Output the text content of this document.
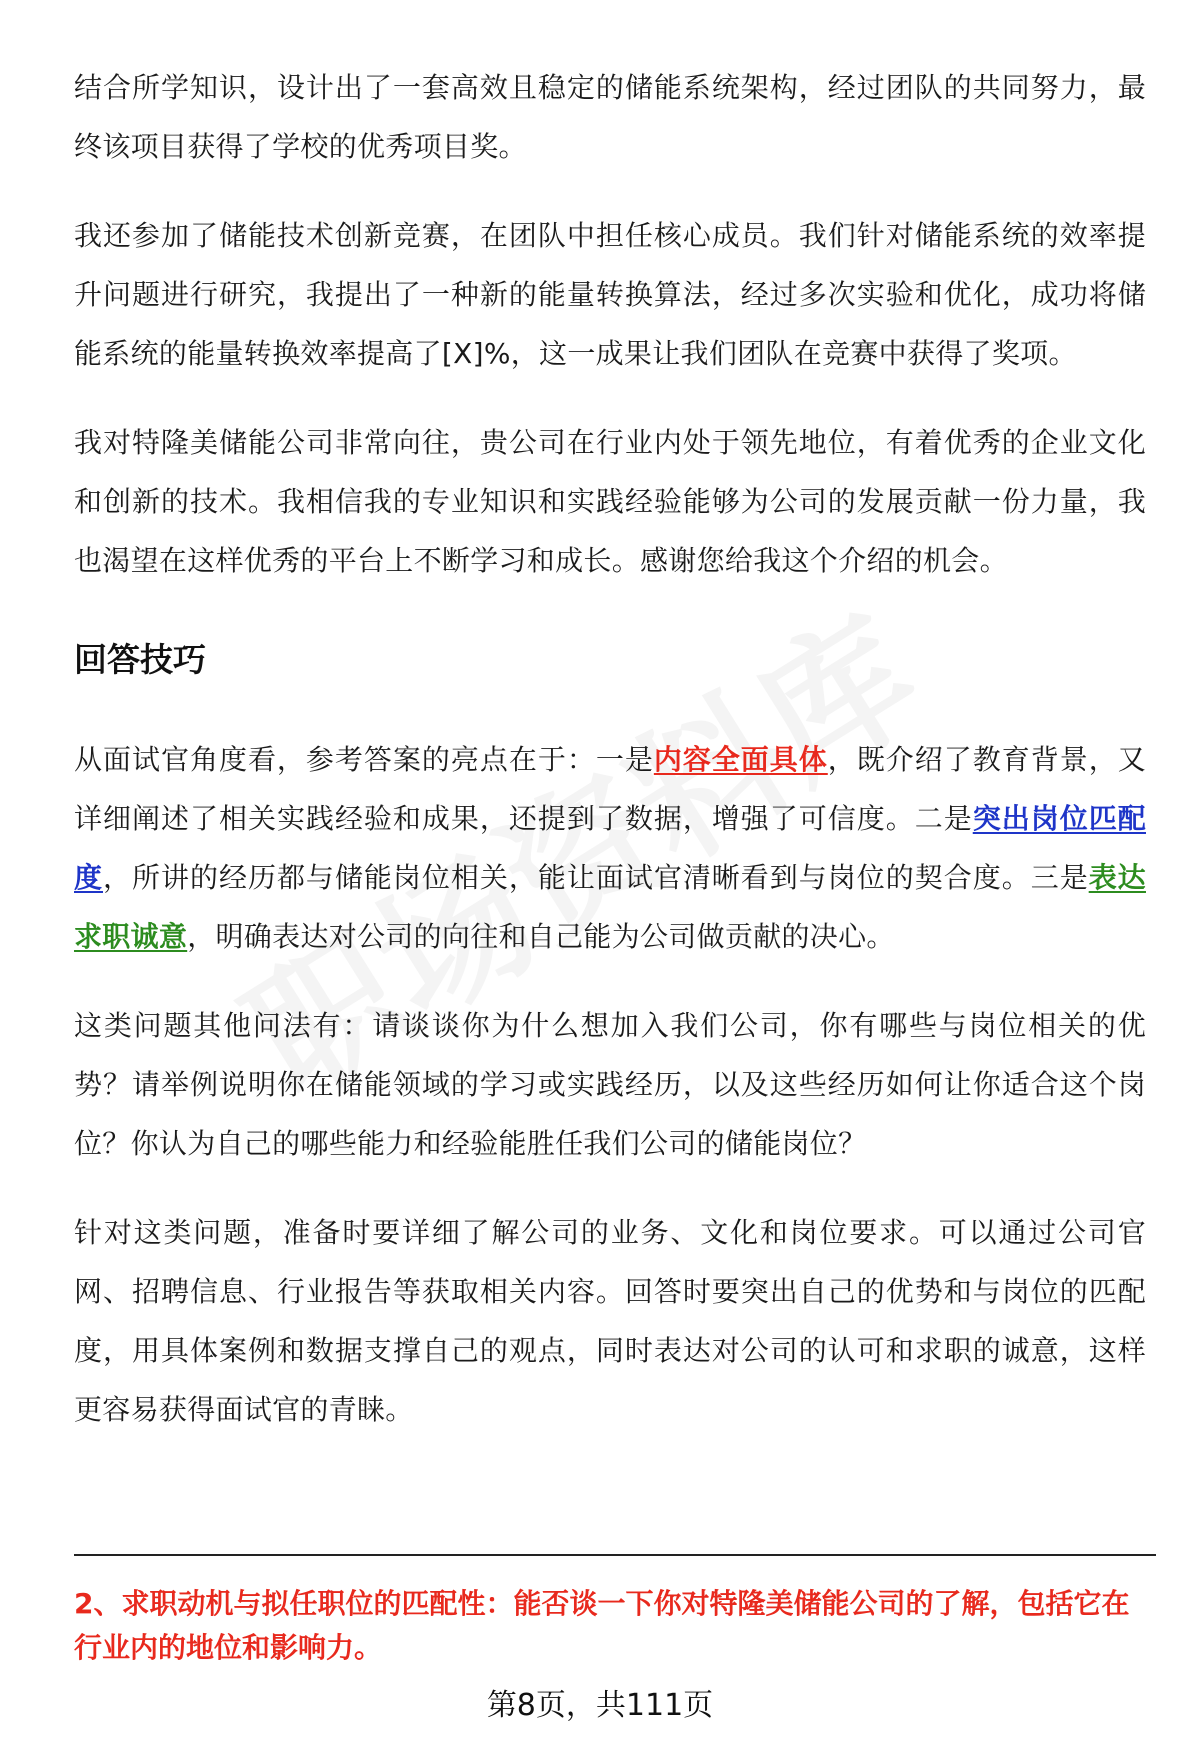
结合所学知识，设计出了一套高效且稳定的储能系统架构，经过团队的共同努力，最终该项目获得了学校的优秀项目奖。

我还参加了储能技术创新竞赛，在团队中担任核心成员。我们针对储能系统的效率提升问题进行研究，我提出了一种新的能量转换算法，经过多次实验和优化，成功将储能系统的能量转换效率提高了[X]%，这一成果让我们团队在竞赛中获得了奖项。

我对特隆美储能公司非常向往，贵公司在行业内处于领先地位，有着优秀的企业文化和创新的技术。我相信我的专业知识和实践经验能够为公司的发展贡献一份力量，我也渴望在这样优秀的平台上不断学习和成长。感谢您给我这个介绍的机会。

回答技巧

从面试官角度看，参考答案的亮点在于：一是内容全面具体，既介绍了教育背景，又详细阐述了相关实践经验和成果，还提到了数据，增强了可信度。二是突出岗位匹配度，所讲的经历都与储能岗位相关，能让面试官清晰看到与岗位的契合度。三是表达求职诚意，明确表达对公司的向往和自己能为公司做贡献的决心。

这类问题其他问法有：请谈谈你为什么想加入我们公司，你有哪些与岗位相关的优势？请举例说明你在储能领域的学习或实践经历，以及这些经历如何让你适合这个岗位？你认为自己的哪些能力和经验能胜任我们公司的储能岗位？

针对这类问题，准备时要详细了解公司的业务、文化和岗位要求。可以通过公司官网、招聘信息、行业报告等获取相关内容。回答时要突出自己的优势和与岗位的匹配度，用具体案例和数据支撑自己的观点，同时表达对公司的认可和求职的诚意，这样更容易获得面试官的青睐。

2、求职动机与拟任职位的匹配性：能否谈一下你对特隆美储能公司的了解，包括它在行业内的地位和影响力。

第8页，共111页
